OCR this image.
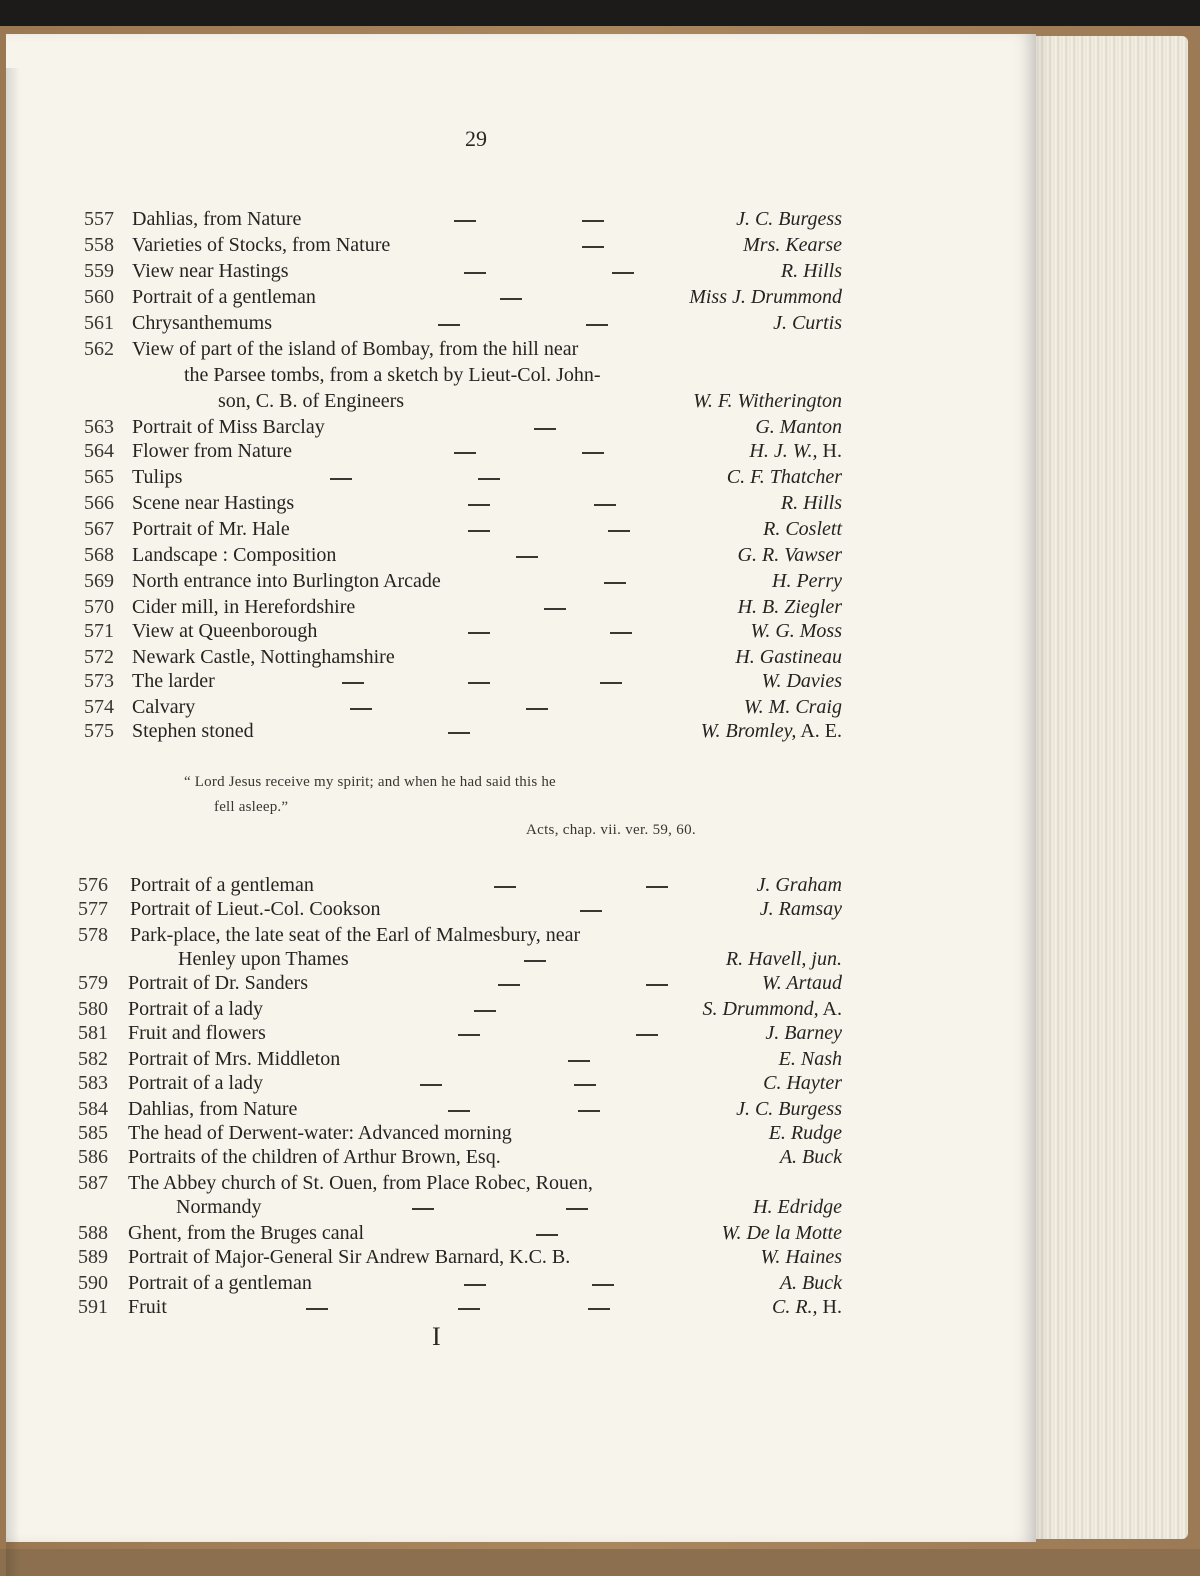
29
557 Dahlias, from Nature	J. C. Burgess
558 Varieties of Stocks, from Nature	Mrs. Kearse
559 View near Hastings	R. Hills
560 Portrait of a gentleman	Miss J. Drummond
561 Chrysanthemums	J. Curtis
562 View of part of the island of Bombay, from the hill near
the Parsee tombs, from a sketch by Lieut-Col. John-
son, C. B. of Engineers	W. F. Witherington
563 Portrait of Miss Barclay	G. Manton
564 Flower from Nature	H. J. W., H.
565 Tulips	C. F. Thatcher
566 Scene near Hastings	R. Hills
567 Portrait of Mr. Hale	R. Coslett
568 Landscape : Composition	G. R. Vawser
569 North entrance into Burlington Arcade	H. Perry
570 Cider mill, in Herefordshire	H. B. Ziegler
571 View at Queenborough	W. G. Moss
572 Newark Castle, Nottinghamshire	H. Gastineau
573 The larder	W. Davies
574 Calvary	W. M. Craig
575 Stephen stoned	W. Bromley, A. E.
“ Lord Jesus receive my spirit; and when he had said this he
fell asleep.”
Acts, chap. vii. ver. 59, 60.
576	Portrait of a gentleman	J. Graham
577	Portrait of Lieut.-Col. Cookson	J. Ramsay
578	Park-place, the late seat of the Earl of Malmesbury, near
Henley upon Thames	R. Havell, jun.
579	Portrait of Dr. Sanders	W. Artaud
580	Portrait of a lady	S. Drummond, A.
581	Fruit and flowers	J. Barney
582	Portrait of Mrs. Middleton	E. Nash
583	Portrait of a lady	C. Hayter
584	Dahlias, from Nature	J. C. Burgess
585	The head of Derwent-water: Advanced morning	E. Rudge
586	Portraits of the children of Arthur Brown, Esq.	A. Buck
587	The Abbey church of St. Ouen, from Place Robec, Rouen,
Normandy	H. Edridge
588	Ghent, from the Bruges canal	W. De la Motte
589	Portrait of Major-General Sir Andrew Barnard, K.C. B.	W. Haines
590	Portrait of a gentleman	A. Buck
591	Fruit	C. R., H.
I
